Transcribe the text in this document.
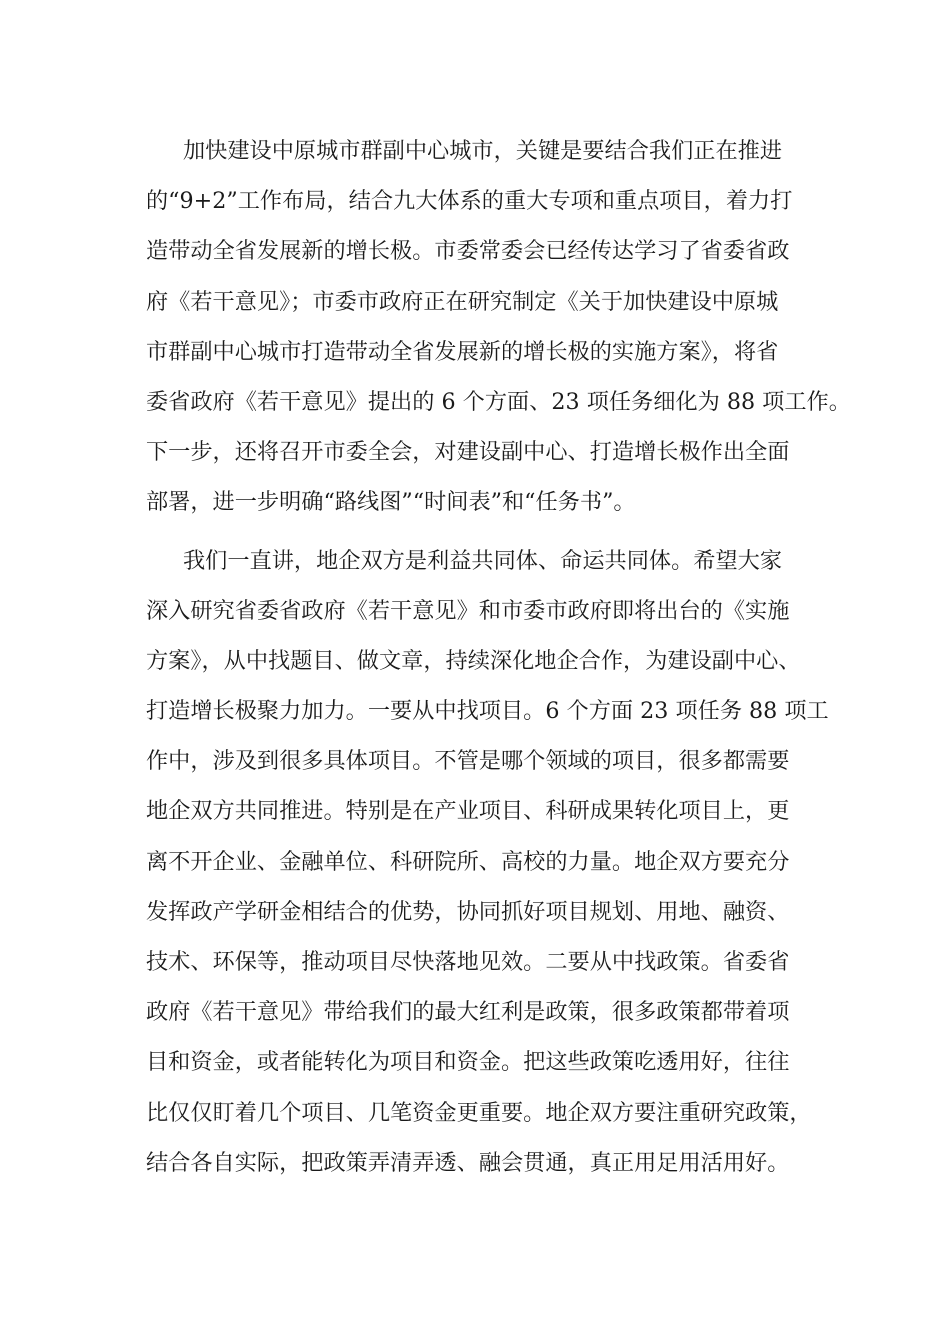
加快建设中原城市群副中心城市，关键是要结合我们正在推进
的“9+2”工作布局，结合九大体系的重大专项和重点项目，着力打
造带动全省发展新的增长极。市委常委会已经传达学习了省委省政
府《若干意见》；市委市政府正在研究制定《关于加快建设中原城
市群副中心城市打造带动全省发展新的增长极的实施方案》，将省
委省政府《若干意见》提出的 6 个方面、23 项任务细化为 88 项工作。
下一步，还将召开市委全会，对建设副中心、打造增长极作出全面
部署，进一步明确“路线图”“时间表”和“任务书”。
我们一直讲，地企双方是利益共同体、命运共同体。希望大家
深入研究省委省政府《若干意见》和市委市政府即将出台的《实施
方案》，从中找题目、做文章，持续深化地企合作，为建设副中心、
打造增长极聚力加力。一要从中找项目。6 个方面 23 项任务 88 项工
作中，涉及到很多具体项目。不管是哪个领域的项目，很多都需要
地企双方共同推进。特别是在产业项目、科研成果转化项目上，更
离不开企业、金融单位、科研院所、高校的力量。地企双方要充分
发挥政产学研金相结合的优势，协同抓好项目规划、用地、融资、
技术、环保等，推动项目尽快落地见效。二要从中找政策。省委省
政府《若干意见》带给我们的最大红利是政策，很多政策都带着项
目和资金，或者能转化为项目和资金。把这些政策吃透用好，往往
比仅仅盯着几个项目、几笔资金更重要。地企双方要注重研究政策，
结合各自实际，把政策弄清弄透、融会贯通，真正用足用活用好。
